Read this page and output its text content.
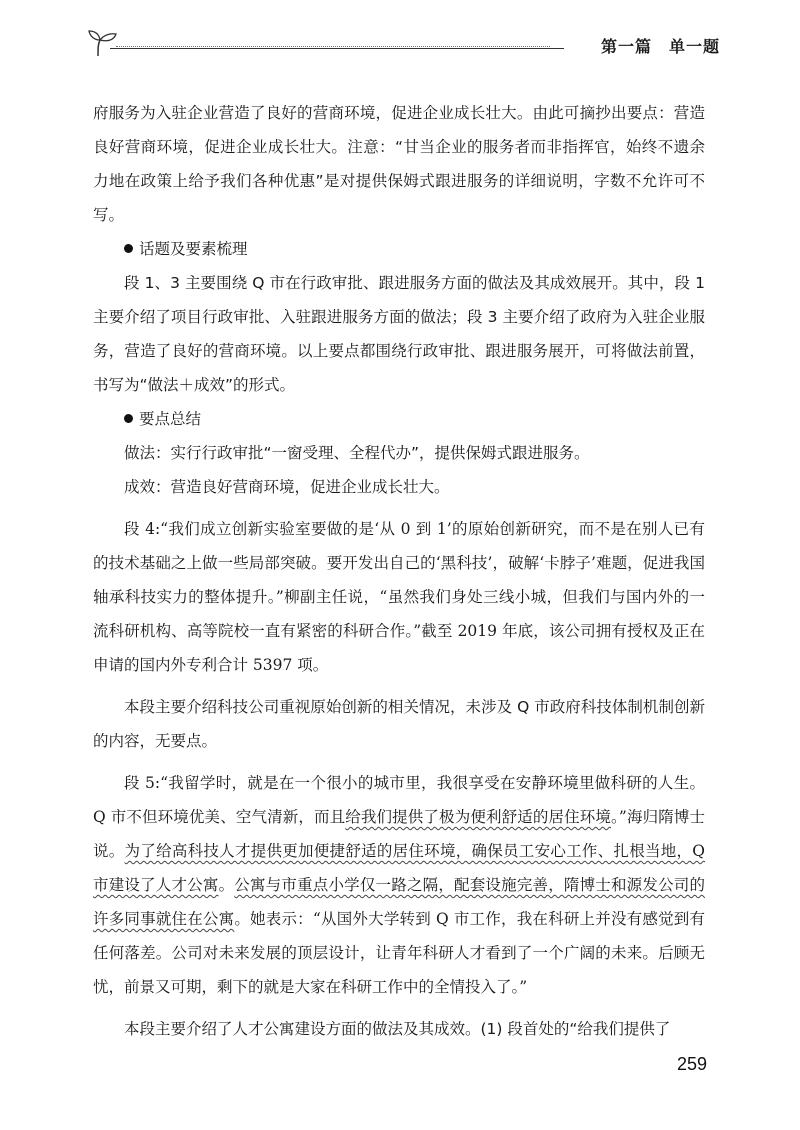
第一篇　单一题

府服务为入驻企业营造了良好的营商环境，促进企业成长壮大。由此可摘抄出要点：营造良好营商环境，促进企业成长壮大。注意：“甘当企业的服务者而非指挥官，始终不遗余力地在政策上给予我们各种优惠”是对提供保姆式跟进服务的详细说明，字数不允许可不写。

话题及要素梳理

段 1、3 主要围绕 Q 市在行政审批、跟进服务方面的做法及其成效展开。其中，段 1 主要介绍了项目行政审批、入驻跟进服务方面的做法；段 3 主要介绍了政府为入驻企业服务，营造了良好的营商环境。以上要点都围绕行政审批、跟进服务展开，可将做法前置，书写为“做法＋成效”的形式。

要点总结

做法：实行行政审批“一窗受理、全程代办”，提供保姆式跟进服务。

成效：营造良好营商环境，促进企业成长壮大。

段 4:“我们成立创新实验室要做的是‘从 0 到 1’的原始创新研究，而不是在别人已有的技术基础之上做一些局部突破。要开发出自己的‘黑科技’，破解‘卡脖子’难题，促进我国轴承科技实力的整体提升。”柳副主任说，“虽然我们身处三线小城，但我们与国内外的一流科研机构、高等院校一直有紧密的科研合作。”截至 2019 年底，该公司拥有授权及正在申请的国内外专利合计 5397 项。

本段主要介绍科技公司重视原始创新的相关情况，未涉及 Q 市政府科技体制机制创新的内容，无要点。

段 5:“我留学时，就是在一个很小的城市里，我很享受在安静环境里做科研的人生。Q 市不但环境优美、空气清新，而且给我们提供了极为便利舒适的居住环境。”海归隋博士说。为了给高科技人才提供更加便捷舒适的居住环境，确保员工安心工作、扎根当地，Q 市建设了人才公寓。公寓与市重点小学仅一路之隔，配套设施完善，隋博士和源发公司的许多同事就住在公寓。她表示：“从国外大学转到 Q 市工作，我在科研上并没有感觉到有任何落差。公司对未来发展的顶层设计，让青年科研人才看到了一个广阔的未来。后顾无忧，前景又可期，剩下的就是大家在科研工作中的全情投入了。”

本段主要介绍了人才公寓建设方面的做法及其成效。(1) 段首处的“给我们提供了

259
